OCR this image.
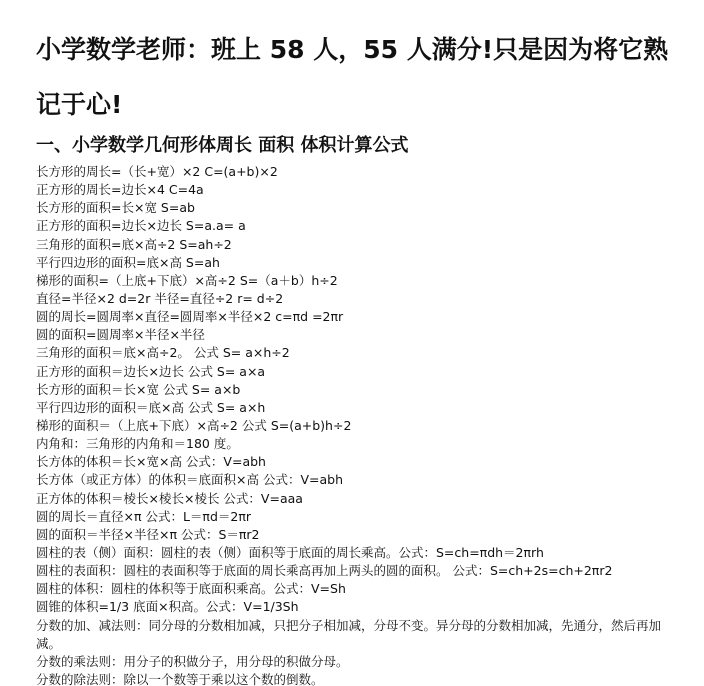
小学数学老师：班上 58 人，55 人满分!只是因为将它熟记于心!
一、小学数学几何形体周长 面积 体积计算公式
长方形的周长=（长+宽）×2 C=(a+b)×2
正方形的周长=边长×4 C=4a
长方形的面积=长×宽 S=ab
正方形的面积=边长×边长 S=a.a= a
三角形的面积=底×高÷2 S=ah÷2
平行四边形的面积=底×高 S=ah
梯形的面积=（上底+下底）×高÷2 S=（a＋b）h÷2
直径=半径×2 d=2r 半径=直径÷2 r= d÷2
圆的周长=圆周率×直径=圆周率×半径×2 c=πd =2πr
圆的面积=圆周率×半径×半径
三角形的面积＝底×高÷2。 公式 S= a×h÷2
正方形的面积＝边长×边长 公式 S= a×a
长方形的面积＝长×宽 公式 S= a×b
平行四边形的面积＝底×高 公式 S= a×h
梯形的面积＝（上底+下底）×高÷2 公式 S=(a+b)h÷2
内角和：三角形的内角和＝180 度。
长方体的体积＝长×宽×高 公式：V=abh
长方体（或正方体）的体积＝底面积×高 公式：V=abh
正方体的体积＝棱长×棱长×棱长 公式：V=aaa
圆的周长＝直径×π 公式：L＝πd＝2πr
圆的面积＝半径×半径×π 公式：S＝πr2
圆柱的表（侧）面积：圆柱的表（侧）面积等于底面的周长乘高。公式：S=ch=πdh＝2πrh
圆柱的表面积：圆柱的表面积等于底面的周长乘高再加上两头的圆的面积。 公式：S=ch+2s=ch+2πr2
圆柱的体积：圆柱的体积等于底面积乘高。公式：V=Sh
圆锥的体积=1/3 底面×积高。公式：V=1/3Sh
分数的加、减法则：同分母的分数相加减，只把分子相加减，分母不变。异分母的分数相加减，先通分，然后再加减。
分数的乘法则：用分子的积做分子，用分母的积做分母。
分数的除法则：除以一个数等于乘以这个数的倒数。
